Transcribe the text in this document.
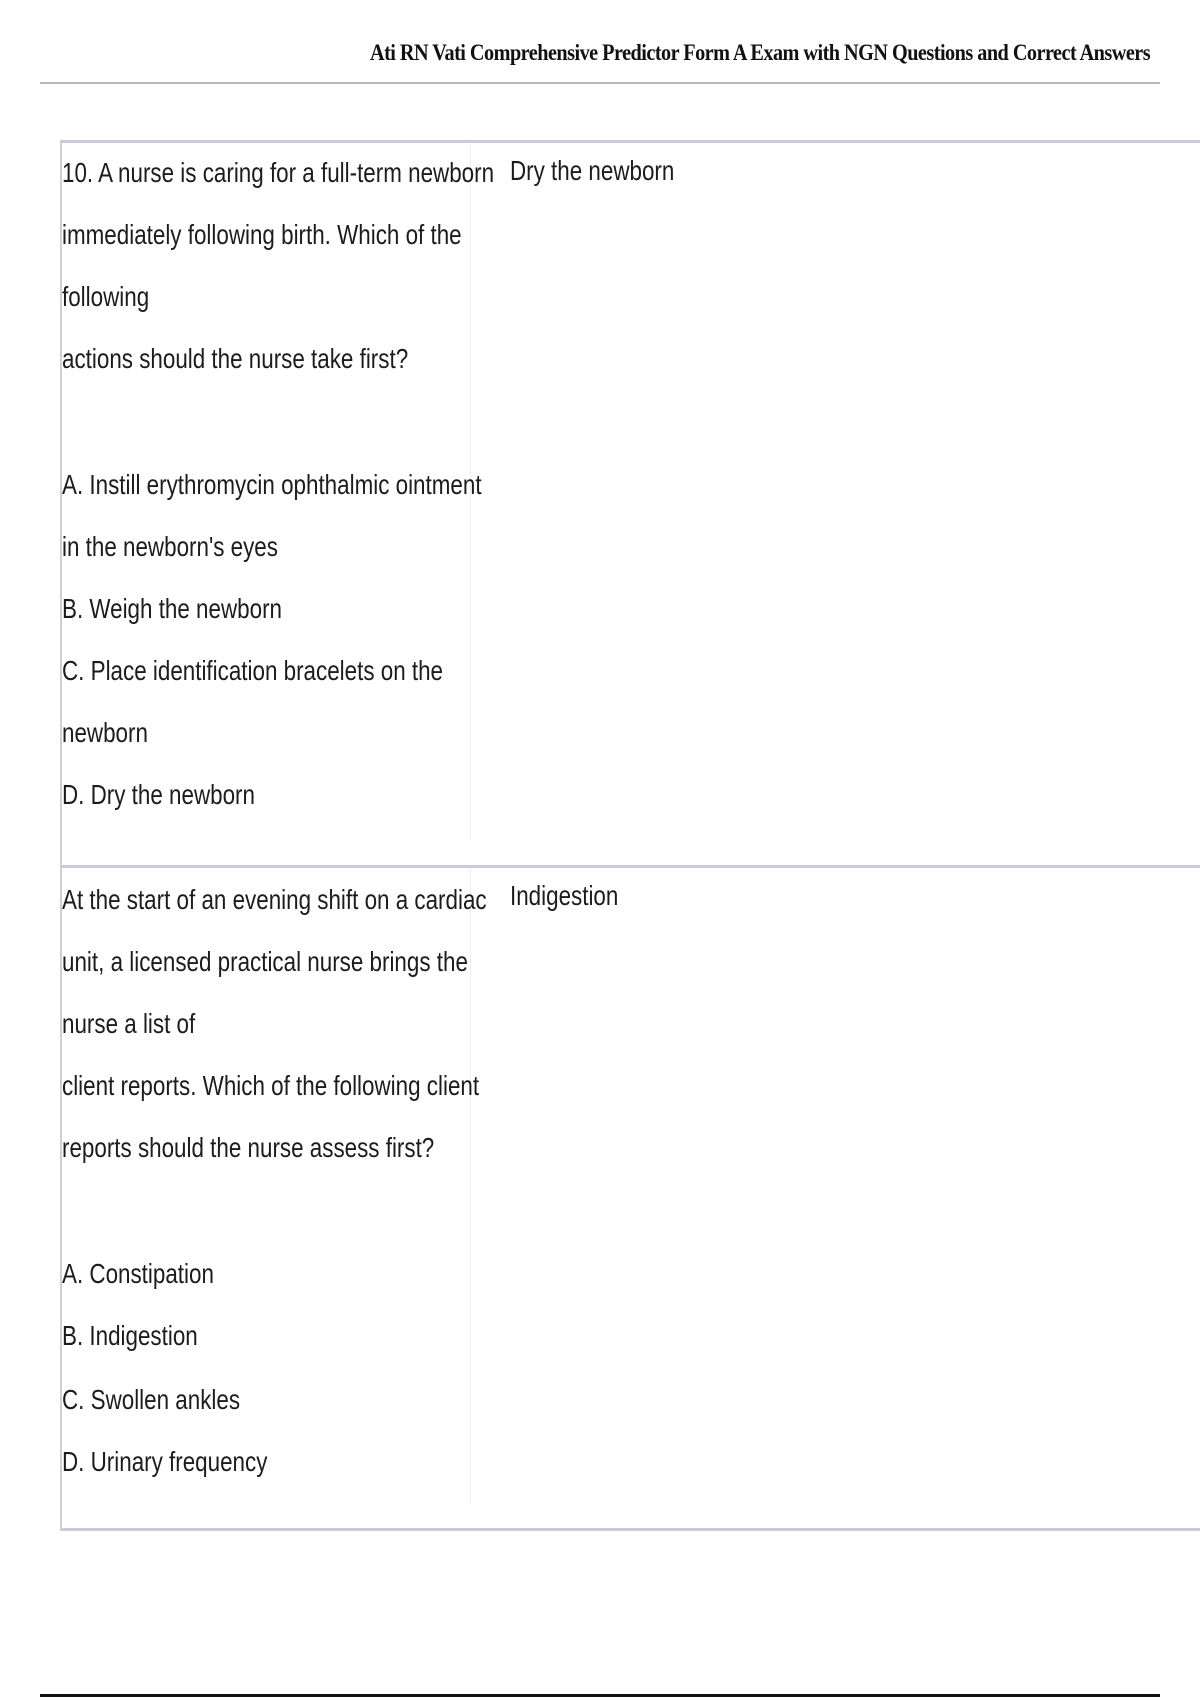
Ati RN Vati Comprehensive Predictor Form A Exam with NGN Questions and Correct Answers
10. A nurse is caring for a full-term newborn
immediately following birth. Which of the
following
actions should the nurse take first?
A. Instill erythromycin ophthalmic ointment
in the newborn's eyes
B. Weigh the newborn
C. Place identification bracelets on the
newborn
D. Dry the newborn
Dry the newborn
At the start of an evening shift on a cardiac
unit, a licensed practical nurse brings the
nurse a list of
client reports. Which of the following client
reports should the nurse assess first?
A. Constipation
B. Indigestion
C. Swollen ankles
D. Urinary frequency
Indigestion
